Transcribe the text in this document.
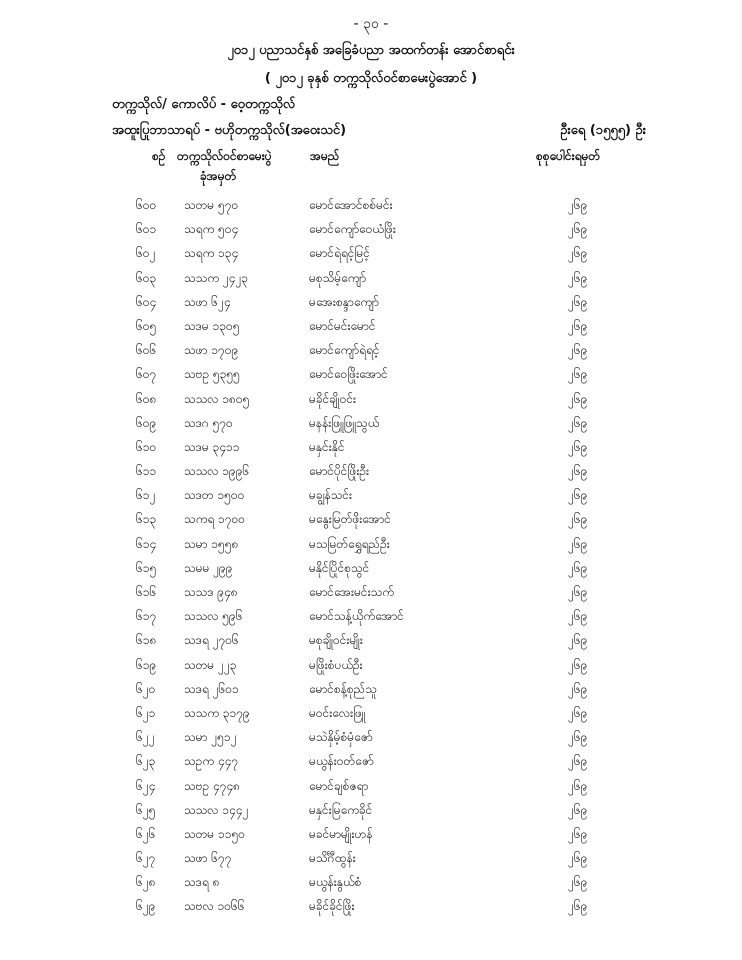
- ၃၀ -
၂၀၁၂ ပညာသင်နှစ် အခြေခံပညာ အထက်တန်း အောင်စာရင်း
( ၂၀၁၂ ခုနှစ် တက္ကသိုလ်ဝင်စာမေးပွဲအောင် )
တက္ကသိုလ်/ ကောလိပ် - ဝေ့တက္ကသိုလ်
အထူးပြုဘာသာရပ် - ဗဟိုတက္ကသိုလ်(အဝေးသင်)	ဦးရေ (၁၅၅၅) ဦး
စဉ် တက္ကသိုလ်ဝင်စာမေးပွဲ
ခုံအမှတ်
အမည်	စုစုပေါင်းရမှတ်
၆၀၀ သတမ ၅၇၀	မောင်အောင်စစ်မင်း	၂၆၉
၆၀၁ သရက ၅၀၄	မောင်ကျော်ဝေယံဖြိုး	၂၆၉
၆၀၂ သရက ၁၃၄	မောင်ရဲရင့်မြင့်	၂၆၉
၆၀၃ သသက ၂၄၂၃	မစုသိမ့်ကျော်	၂၆၉
၆၀၄ သဖာ ၆၂၄	မအေးစန္ဒာကျော်	၂၆၉
၆၀၅ သဒမ ၁၃၀၅	မောင်မင်းမောင်	၂၆၉
၆၀၆ သဖာ ၁၇၀၉	မောင်ကျော်ရဲရင့်	၂၆၉
၆၀၇ သဗဥ ၅၃၅၅	မောင်ဝေဖြိုးအောင်	၂၆၉
၆၀၈ သသလ ၁၈၀၅	မခိုင်ချိုဝင်း	၂၆၉
၆၀၉ သဒဂ ၅၇၀	မနန်းဖြူဖြူသွယ်	၂၆၉
၆၁၀ သဒမ ၃၄၁၁	မနှင်းနိုင်	၂၆၉
၆၁၁ သသလ ၁၉၉၆	မောင်ပိုင်ဖြိုးဦး	၂၆၉
၆၁၂ သဒတ ၁၅၀၀	မချွန်သင်း	၂၆၉
၆၁၃ သကရ ၁၇၀၀	မနွေးမြတ်ဖိုးအောင်	၂၆၉
၆၁၄ သမာ ၁၅၅၈	မသမြတ်ရွှေရည်ဦး	၂၆၉
၆၁၅ သမမ ၂၉၉	မနိုင်ပြိုင်စုသွင်	၂၆၉
၆၁၆ သသဒ ၉၄၈	မောင်အေးမင်းသက်	၂၆၉
၆၁၇ သသလ ၅၉၆	မောင်သန့်ယိုက်အောင်	၂၆၉
၆၁၈ သဒရ ၂၇၀၆	မစုချိုဝင်းမျိုး	၂၆၉
၆၁၉ သတမ ၂၂၃	မဖြိုးစံပယ်ဦး	၂၆၉
၆၂၀ သဒရ ၂၆၀၁	မောင်စန့်စုည်သူ	၂၆၉
၆၂၁ သသက ၃၁၇၉	မဝင်းလေးဖြူ	၂၆၉
၆၂၂ သမာ ၂၅၁၂	မသဲနှိမ့်စံမှံဇော်	၂၆၉
၆၂၃ သဥက ၄၄၇	မယွန်းဝတ်ဇော်	၂၆၉
၆၂၄ သဗဥ ၄၇၄၈	မောင်ချစ်ဇရာ	၂၆၉
၆၂၅ သသလ ၁၄၄၂	မနှင်းမြကေခိုင်	၂၆၉
၆၂၆ သတမ ၁၁၅၀	မခင်မာမျိုးဟန်	၂၆၉
၆၂၇ သဖာ ၆၇၇	မသိင်္ဂီထွန်း	၂၆၉
၆၂၈ သဒရ ၈	မယွန်းနွယ်စံ	၂၆၉
၆၂၉ သဗလ ၁၀၆၆	မခိုင်ခိုင်ဖြိုး	၂၆၉
